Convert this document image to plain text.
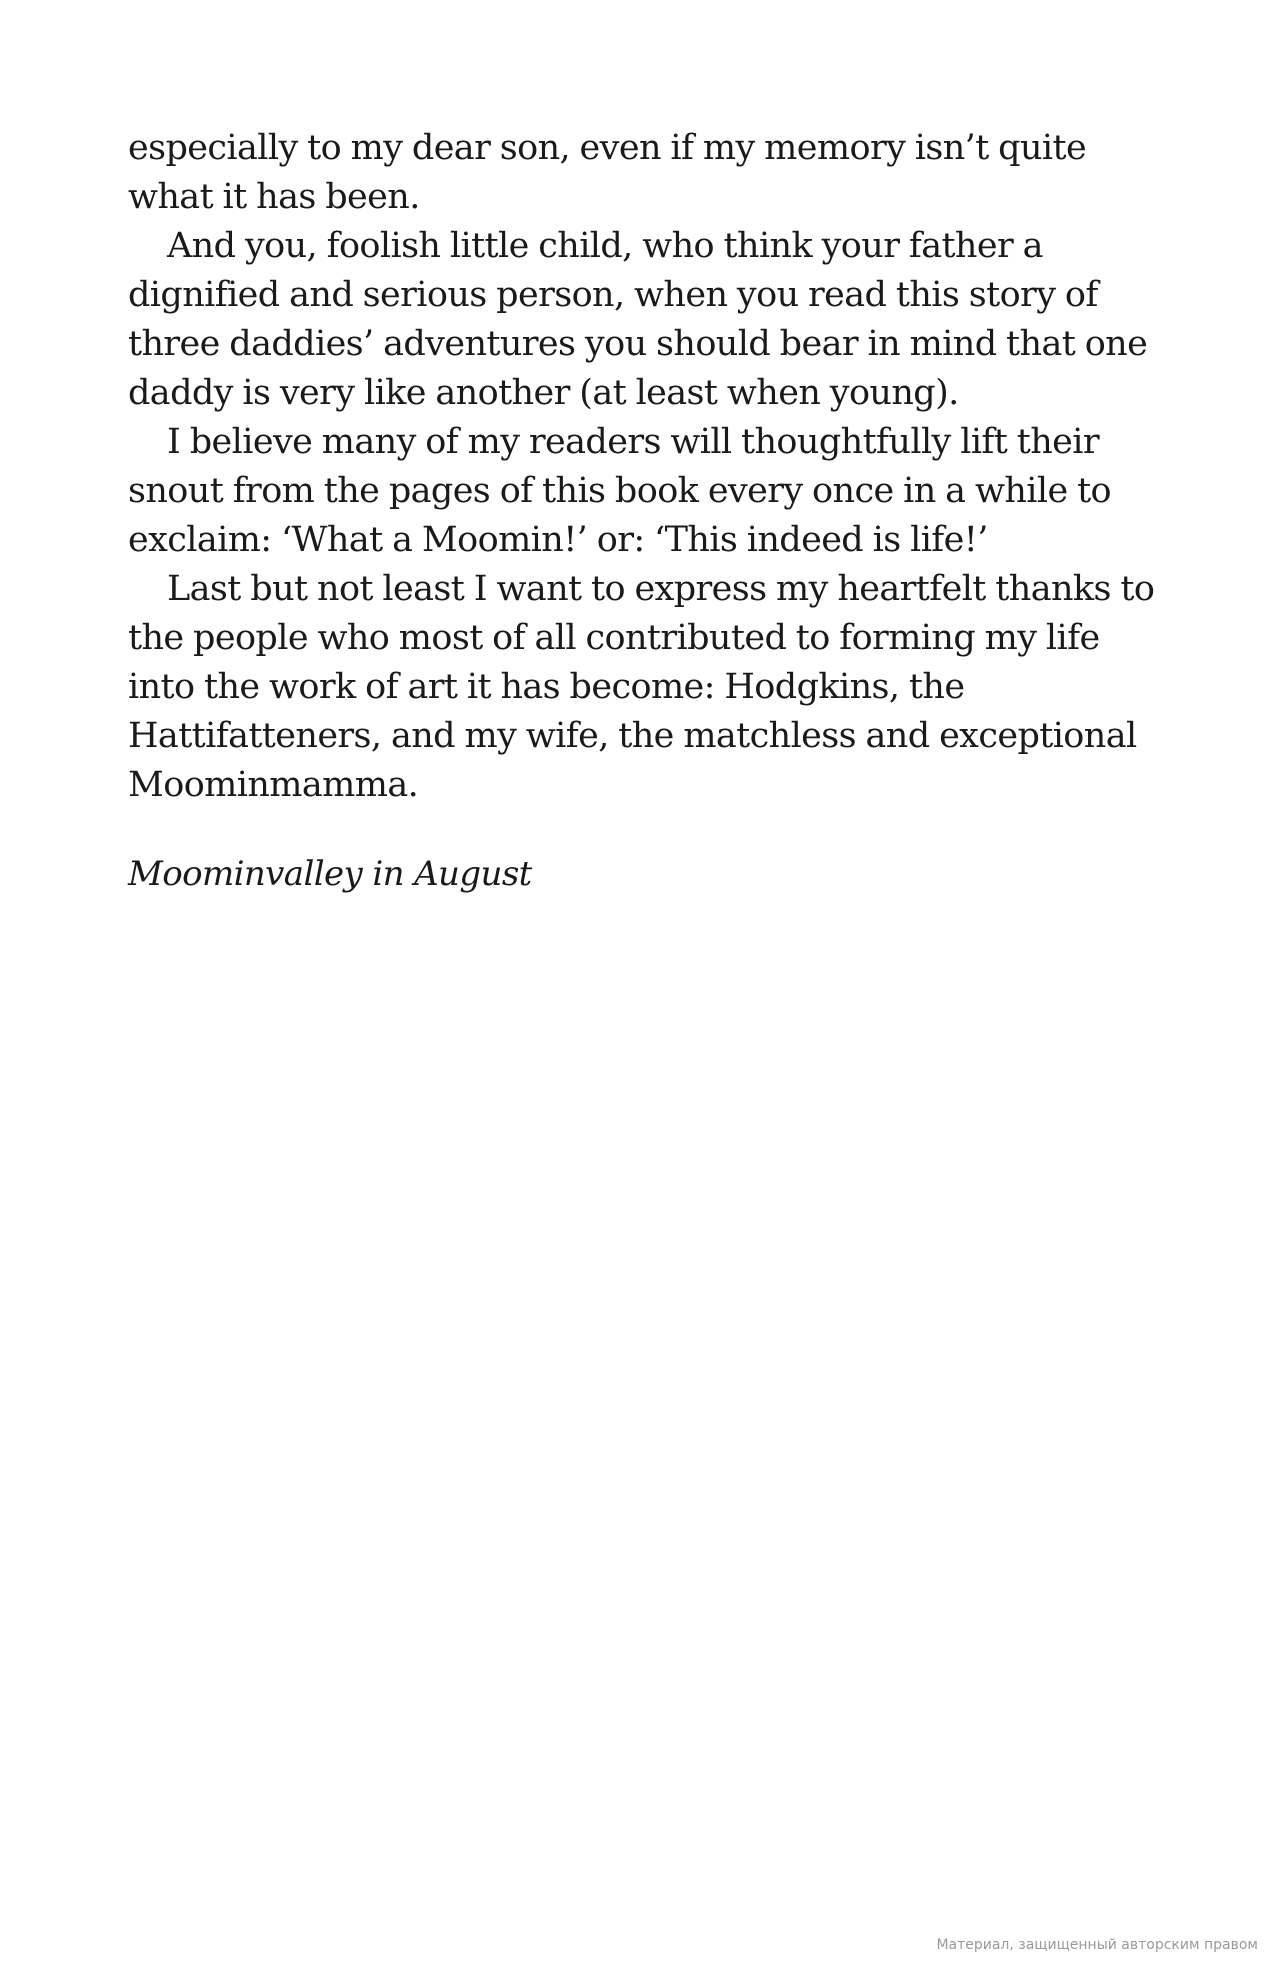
especially to my dear son, even if my memory isn’t quite what it has been.

And you, foolish little child, who think your father a dignified and serious person, when you read this story of three daddies’ adventures you should bear in mind that one daddy is very like another (at least when young).

I believe many of my readers will thoughtfully lift their snout from the pages of this book every once in a while to exclaim: ‘What a Moomin!’ or: ‘This indeed is life!’

Last but not least I want to express my heartfelt thanks to the people who most of all contributed to forming my life into the work of art it has become: Hodgkins, the Hattifatteners, and my wife, the matchless and exceptional Moominmamma.

Moominvalley in August

Материал, защищенный авторским правом
